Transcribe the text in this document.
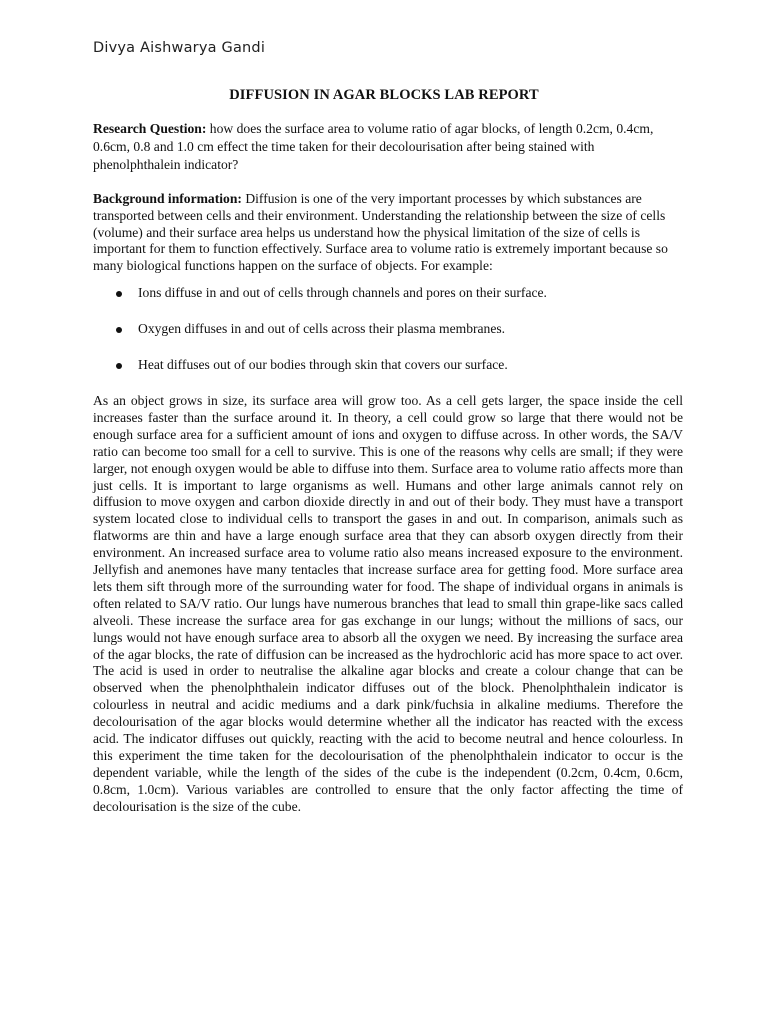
Divya Aishwarya Gandi
DIFFUSION IN AGAR BLOCKS LAB REPORT

Research Question: how does the surface area to volume ratio of agar blocks, of length 0.2cm, 0.4cm, 0.6cm, 0.8 and 1.0 cm effect the time taken for their decolourisation after being stained with phenolphthalein indicator?

Background information: Diffusion is one of the very important processes by which substances are transported between cells and their environment. Understanding the relationship between the size of cells (volume) and their surface area helps us understand how the physical limitation of the size of cells is important for them to function effectively. Surface area to volume ratio is extremely important because so many biological functions happen on the surface of objects. For example:

Ions diffuse in and out of cells through channels and pores on their surface.
Oxygen diffuses in and out of cells across their plasma membranes.
Heat diffuses out of our bodies through skin that covers our surface.

As an object grows in size, its surface area will grow too. As a cell gets larger, the space inside the cell increases faster than the surface around it. In theory, a cell could grow so large that there would not be enough surface area for a sufficient amount of ions and oxygen to diffuse across. In other words, the SA/V ratio can become too small for a cell to survive. This is one of the reasons why cells are small; if they were larger, not enough oxygen would be able to diffuse into them. Surface area to volume ratio affects more than just cells. It is important to large organisms as well. Humans and other large animals cannot rely on diffusion to move oxygen and carbon dioxide directly in and out of their body. They must have a transport system located close to individual cells to transport the gases in and out. In comparison, animals such as flatworms are thin and have a large enough surface area that they can absorb oxygen directly from their environment. An increased surface area to volume ratio also means increased exposure to the environment. Jellyfish and anemones have many tentacles that increase surface area for getting food. More surface area lets them sift through more of the surrounding water for food. The shape of individual organs in animals is often related to SA/V ratio. Our lungs have numerous branches that lead to small thin grape-like sacs called alveoli. These increase the surface area for gas exchange in our lungs; without the millions of sacs, our lungs would not have enough surface area to absorb all the oxygen we need. By increasing the surface area of the agar blocks, the rate of diffusion can be increased as the hydrochloric acid has more space to act over. The acid is used in order to neutralise the alkaline agar blocks and create a colour change that can be observed when the phenolphthalein indicator diffuses out of the block. Phenolphthalein indicator is colourless in neutral and acidic mediums and a dark pink/fuchsia in alkaline mediums. Therefore the decolourisation of the agar blocks would determine whether all the indicator has reacted with the excess acid. The indicator diffuses out quickly, reacting with the acid to become neutral and hence colourless. In this experiment the time taken for the decolourisation of the phenolphthalein indicator to occur is the dependent variable, while the length of the sides of the cube is the independent (0.2cm, 0.4cm, 0.6cm, 0.8cm, 1.0cm). Various variables are controlled to ensure that the only factor affecting the time of decolourisation is the size of the cube.
